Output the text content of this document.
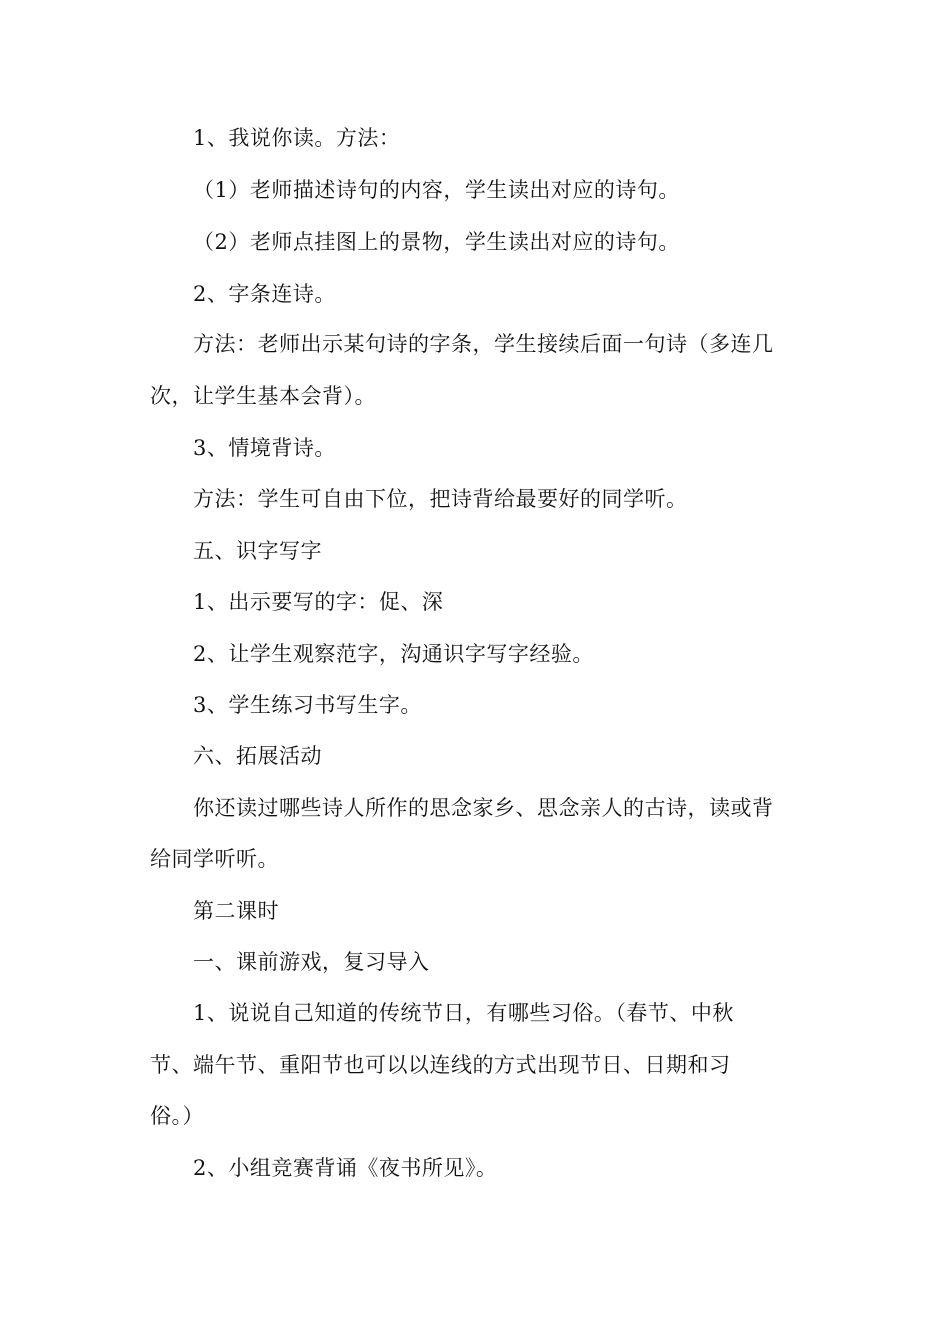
1、我说你读。方法：
（1）老师描述诗句的内容，学生读出对应的诗句。
（2）老师点挂图上的景物，学生读出对应的诗句。
2、字条连诗。
方法：老师出示某句诗的字条，学生接续后面一句诗（多连几
次，让学生基本会背）。
3、情境背诗。
方法：学生可自由下位，把诗背给最要好的同学听。
五、识字写字
1、出示要写的字：促、深
2、让学生观察范字，沟通识字写字经验。
3、学生练习书写生字。
六、拓展活动
你还读过哪些诗人所作的思念家乡、思念亲人的古诗，读或背
给同学听听。
第二课时
一、课前游戏，复习导入
1、说说自己知道的传统节日，有哪些习俗。（春节、中秋
节、端午节、重阳节也可以以连线的方式出现节日、日期和习
俗。）
2、小组竞赛背诵《夜书所见》。
